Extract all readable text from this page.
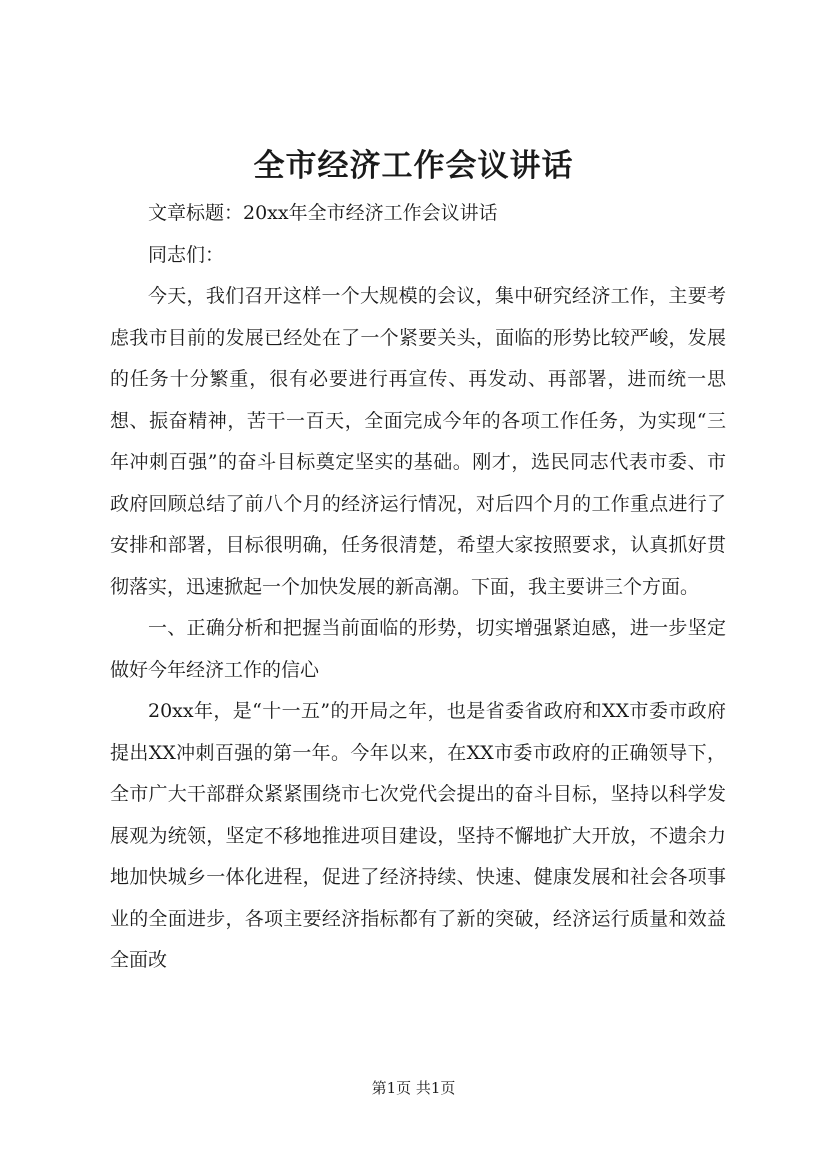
全市经济工作会议讲话

文章标题：20xx年全市经济工作会议讲话

同志们：

今天，我们召开这样一个大规模的会议，集中研究经济工作，主要考虑我市目前的发展已经处在了一个紧要关头，面临的形势比较严峻，发展的任务十分繁重，很有必要进行再宣传、再发动、再部署，进而统一思想、振奋精神，苦干一百天，全面完成今年的各项工作任务，为实现“三年冲刺百强”的奋斗目标奠定坚实的基础。刚才，选民同志代表市委、市政府回顾总结了前八个月的经济运行情况，对后四个月的工作重点进行了安排和部署，目标很明确，任务很清楚，希望大家按照要求，认真抓好贯彻落实，迅速掀起一个加快发展的新高潮。下面，我主要讲三个方面。

一、正确分析和把握当前面临的形势，切实增强紧迫感，进一步坚定做好今年经济工作的信心

20xx年，是“十一五”的开局之年，也是省委省政府和XX市委市政府提出XX冲刺百强的第一年。今年以来，在XX市委市政府的正确领导下，全市广大干部群众紧紧围绕市七次党代会提出的奋斗目标，坚持以科学发展观为统领，坚定不移地推进项目建设，坚持不懈地扩大开放，不遗余力地加快城乡一体化进程，促进了经济持续、快速、健康发展和社会各项事业的全面进步，各项主要经济指标都有了新的突破，经济运行质量和效益全面改

第1页 共1页
